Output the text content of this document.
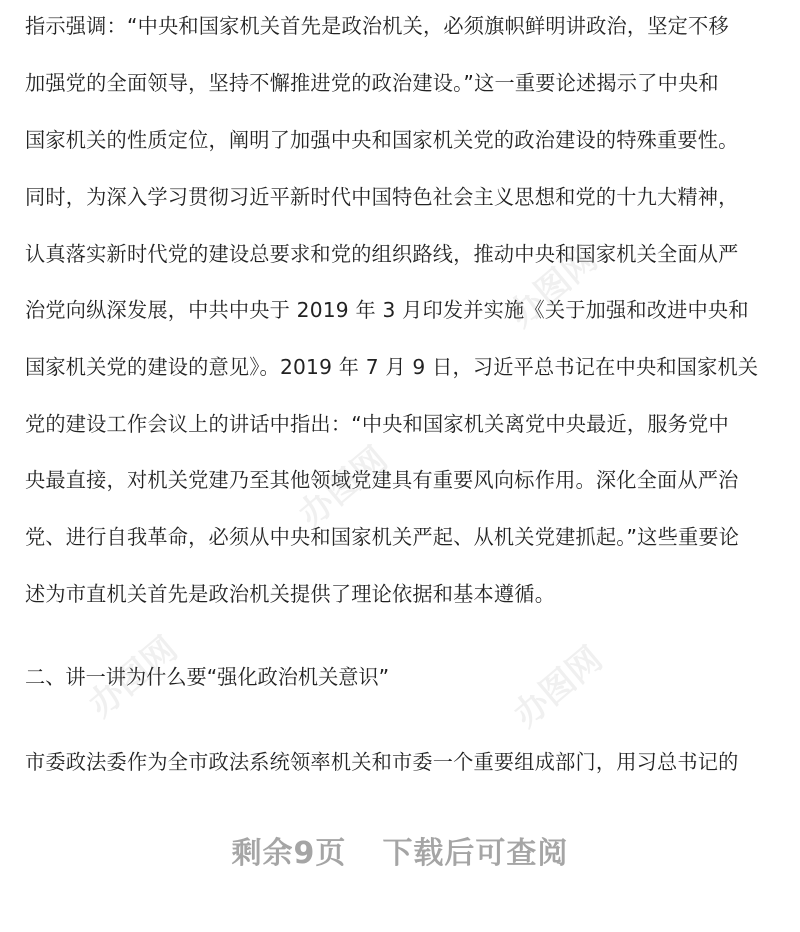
指示强调：“中央和国家机关首先是政治机关，必须旗帜鲜明讲政治，坚定不移
加强党的全面领导，坚持不懈推进党的政治建设。”这一重要论述揭示了中央和
国家机关的性质定位，阐明了加强中央和国家机关党的政治建设的特殊重要性。
同时，为深入学习贯彻习近平新时代中国特色社会主义思想和党的十九大精神，
认真落实新时代党的建设总要求和党的组织路线，推动中央和国家机关全面从严
治党向纵深发展，中共中央于 2019 年 3 月印发并实施《关于加强和改进中央和
国家机关党的建设的意见》。2019 年 7 月 9 日，习近平总书记在中央和国家机关
党的建设工作会议上的讲话中指出：“中央和国家机关离党中央最近，服务党中
央最直接，对机关党建乃至其他领域党建具有重要风向标作用。深化全面从严治
党、进行自我革命，必须从中央和国家机关严起、从机关党建抓起。”这些重要论
述为市直机关首先是政治机关提供了理论依据和基本遵循。
二、讲一讲为什么要“强化政治机关意识”
市委政法委作为全市政法系统领率机关和市委一个重要组成部门，用习总书记的
办图网
办图网
办图网
办图网
剩余9页 下载后可查阅
